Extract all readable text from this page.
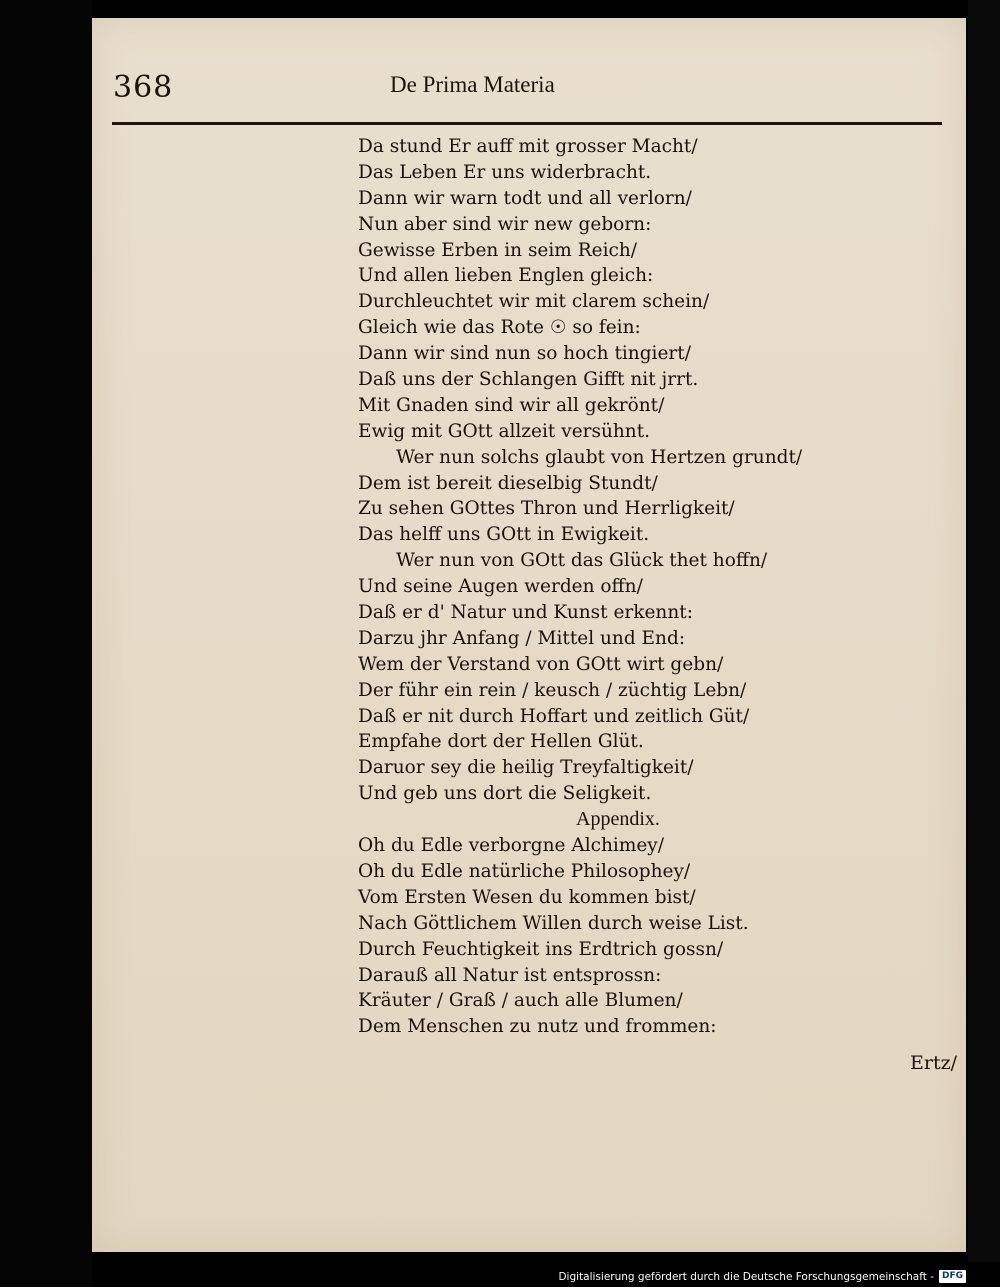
368	De Prima Materia
Da stund Er auff mit grosser Macht/
Das Leben Er uns widerbracht.
Dann wir warn todt und all verlorn/
Nun aber sind wir new geborn:
Gewisse Erben in seim Reich/
Und allen lieben Englen gleich:
Durchleuchtet wir mit clarem schein/
Gleich wie das Rote ☉ so fein:
Dann wir sind nun so hoch tingiert/
Daß uns der Schlangen Gifft nit jrrt.
Mit Gnaden sind wir all gekrönt/
Ewig mit GOtt allzeit versühnt.
Wer nun solchs glaubt von Hertzen grundt/
Dem ist bereit dieselbig Stundt/
Zu sehen GOttes Thron und Herrligkeit/
Das helff uns GOtt in Ewigkeit.
Wer nun von GOtt das Glück thet hoffn/
Und seine Augen werden offn/
Daß er d' Natur und Kunst erkennt:
Darzu jhr Anfang / Mittel und End:
Wem der Verstand von GOtt wirt gebn/
Der führ ein rein / keusch / züchtig Lebn/
Daß er nit durch Hoffart und zeitlich Güt/
Empfahe dort der Hellen Glüt.
Daruor sey die heilig Treyfaltigkeit/
Und geb uns dort die Seligkeit.
Appendix.
Oh du Edle verborgne Alchimey/
Oh du Edle natürliche Philosophey/
Vom Ersten Wesen du kommen bist/
Nach Göttlichem Willen durch weise List.
Durch Feuchtigkeit ins Erdtrich gossn/
Darauß all Natur ist entsprossn:
Kräuter / Graß / auch alle Blumen/
Dem Menschen zu nutz und frommen:
Ertz/
Digitalisierung gefördert durch die Deutsche Forschungsgemeinschaft - DFG
